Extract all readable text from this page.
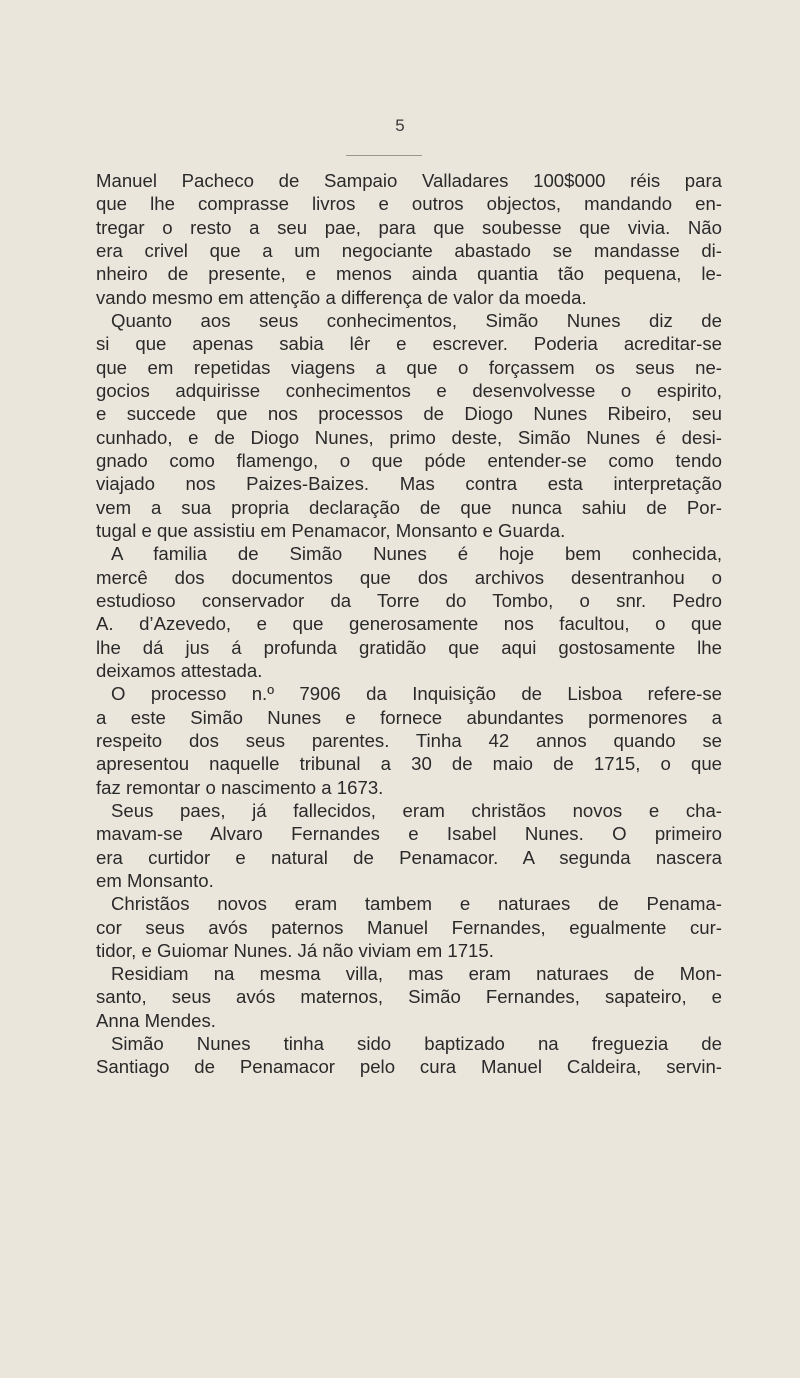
5
Manuel Pacheco de Sampaio Valladares 100$000 réis para
que lhe comprasse livros e outros objectos, mandando en-
tregar o resto a seu pae, para que soubesse que vivia. Não
era crivel que a um negociante abastado se mandasse di-
nheiro de presente, e menos ainda quantia tão pequena, le-
vando mesmo em attenção a differença de valor da moeda.
Quanto aos seus conhecimentos, Simão Nunes diz de
si que apenas sabia lêr e escrever. Poderia acreditar-se
que em repetidas viagens a que o forçassem os seus ne-
gocios adquirisse conhecimentos e desenvolvesse o espirito,
e succede que nos processos de Diogo Nunes Ribeiro, seu
cunhado, e de Diogo Nunes, primo deste, Simão Nunes é desi-
gnado como flamengo, o que póde entender-se como tendo
viajado nos Paizes-Baizes. Mas contra esta interpretação
vem a sua propria declaração de que nunca sahiu de Por-
tugal e que assistiu em Penamacor, Monsanto e Guarda.
A familia de Simão Nunes é hoje bem conhecida,
mercê dos documentos que dos archivos desentranhou o
estudioso conservador da Torre do Tombo, o snr. Pedro
A. d’Azevedo, e que generosamente nos facultou, o que
lhe dá jus á profunda gratidão que aqui gostosamente lhe
deixamos attestada.
O processo n.º 7906 da Inquisição de Lisboa refere-se
a este Simão Nunes e fornece abundantes pormenores a
respeito dos seus parentes. Tinha 42 annos quando se
apresentou naquelle tribunal a 30 de maio de 1715, o que
faz remontar o nascimento a 1673.
Seus paes, já fallecidos, eram christãos novos e cha-
mavam-se Alvaro Fernandes e Isabel Nunes. O primeiro
era curtidor e natural de Penamacor. A segunda nascera
em Monsanto.
Christãos novos eram tambem e naturaes de Penama-
cor seus avós paternos Manuel Fernandes, egualmente cur-
tidor, e Guiomar Nunes. Já não viviam em 1715.
Residiam na mesma villa, mas eram naturaes de Mon-
santo, seus avós maternos, Simão Fernandes, sapateiro, e
Anna Mendes.
Simão Nunes tinha sido baptizado na freguezia de
Santiago de Penamacor pelo cura Manuel Caldeira, servin-
